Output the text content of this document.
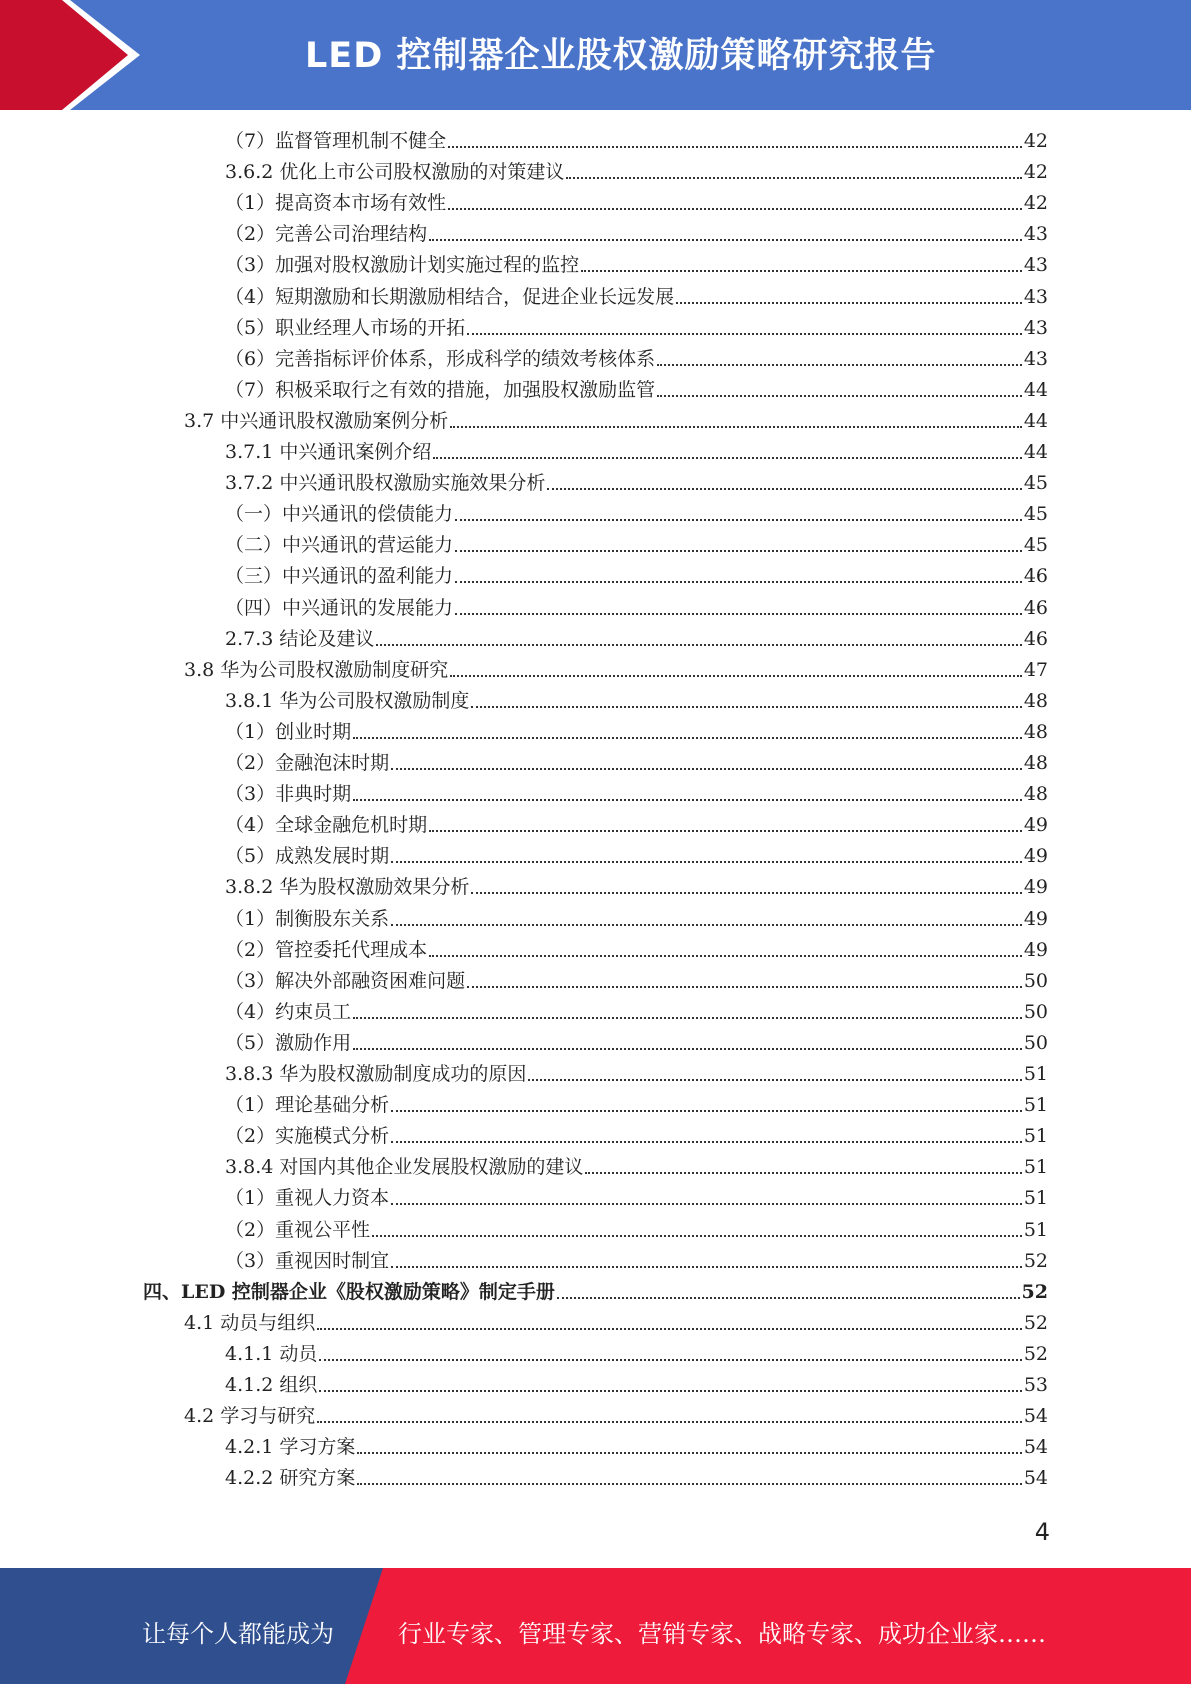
LED 控制器企业股权激励策略研究报告
（7）监督管理机制不健全	42
3.6.2 优化上市公司股权激励的对策建议	42
（1）提高资本市场有效性	42
（2）完善公司治理结构	43
（3）加强对股权激励计划实施过程的监控	43
（4）短期激励和长期激励相结合，促进企业长远发展	43
（5）职业经理人市场的开拓	43
（6）完善指标评价体系，形成科学的绩效考核体系	43
（7）积极采取行之有效的措施，加强股权激励监管	44
3.7 中兴通讯股权激励案例分析	44
3.7.1 中兴通讯案例介绍	44
3.7.2 中兴通讯股权激励实施效果分析	45
（一）中兴通讯的偿债能力	45
（二）中兴通讯的营运能力	45
（三）中兴通讯的盈利能力	46
（四）中兴通讯的发展能力	46
2.7.3 结论及建议	46
3.8 华为公司股权激励制度研究	47
3.8.1 华为公司股权激励制度	48
（1）创业时期	48
（2）金融泡沫时期	48
（3）非典时期	48
（4）全球金融危机时期	49
（5）成熟发展时期	49
3.8.2 华为股权激励效果分析	49
（1）制衡股东关系	49
（2）管控委托代理成本	49
（3）解决外部融资困难问题	50
（4）约束员工	50
（5）激励作用	50
3.8.3 华为股权激励制度成功的原因	51
（1）理论基础分析	51
（2）实施模式分析	51
3.8.4 对国内其他企业发展股权激励的建议	51
（1）重视人力资本	51
（2）重视公平性	51
（3）重视因时制宜	52
四、LED 控制器企业《股权激励策略》制定手册	52
4.1 动员与组织	52
4.1.1 动员	52
4.1.2 组织	53
4.2 学习与研究	54
4.2.1 学习方案	54
4.2.2 研究方案	54
4
让每个人都能成为	行业专家、管理专家、营销专家、战略专家、成功企业家……
